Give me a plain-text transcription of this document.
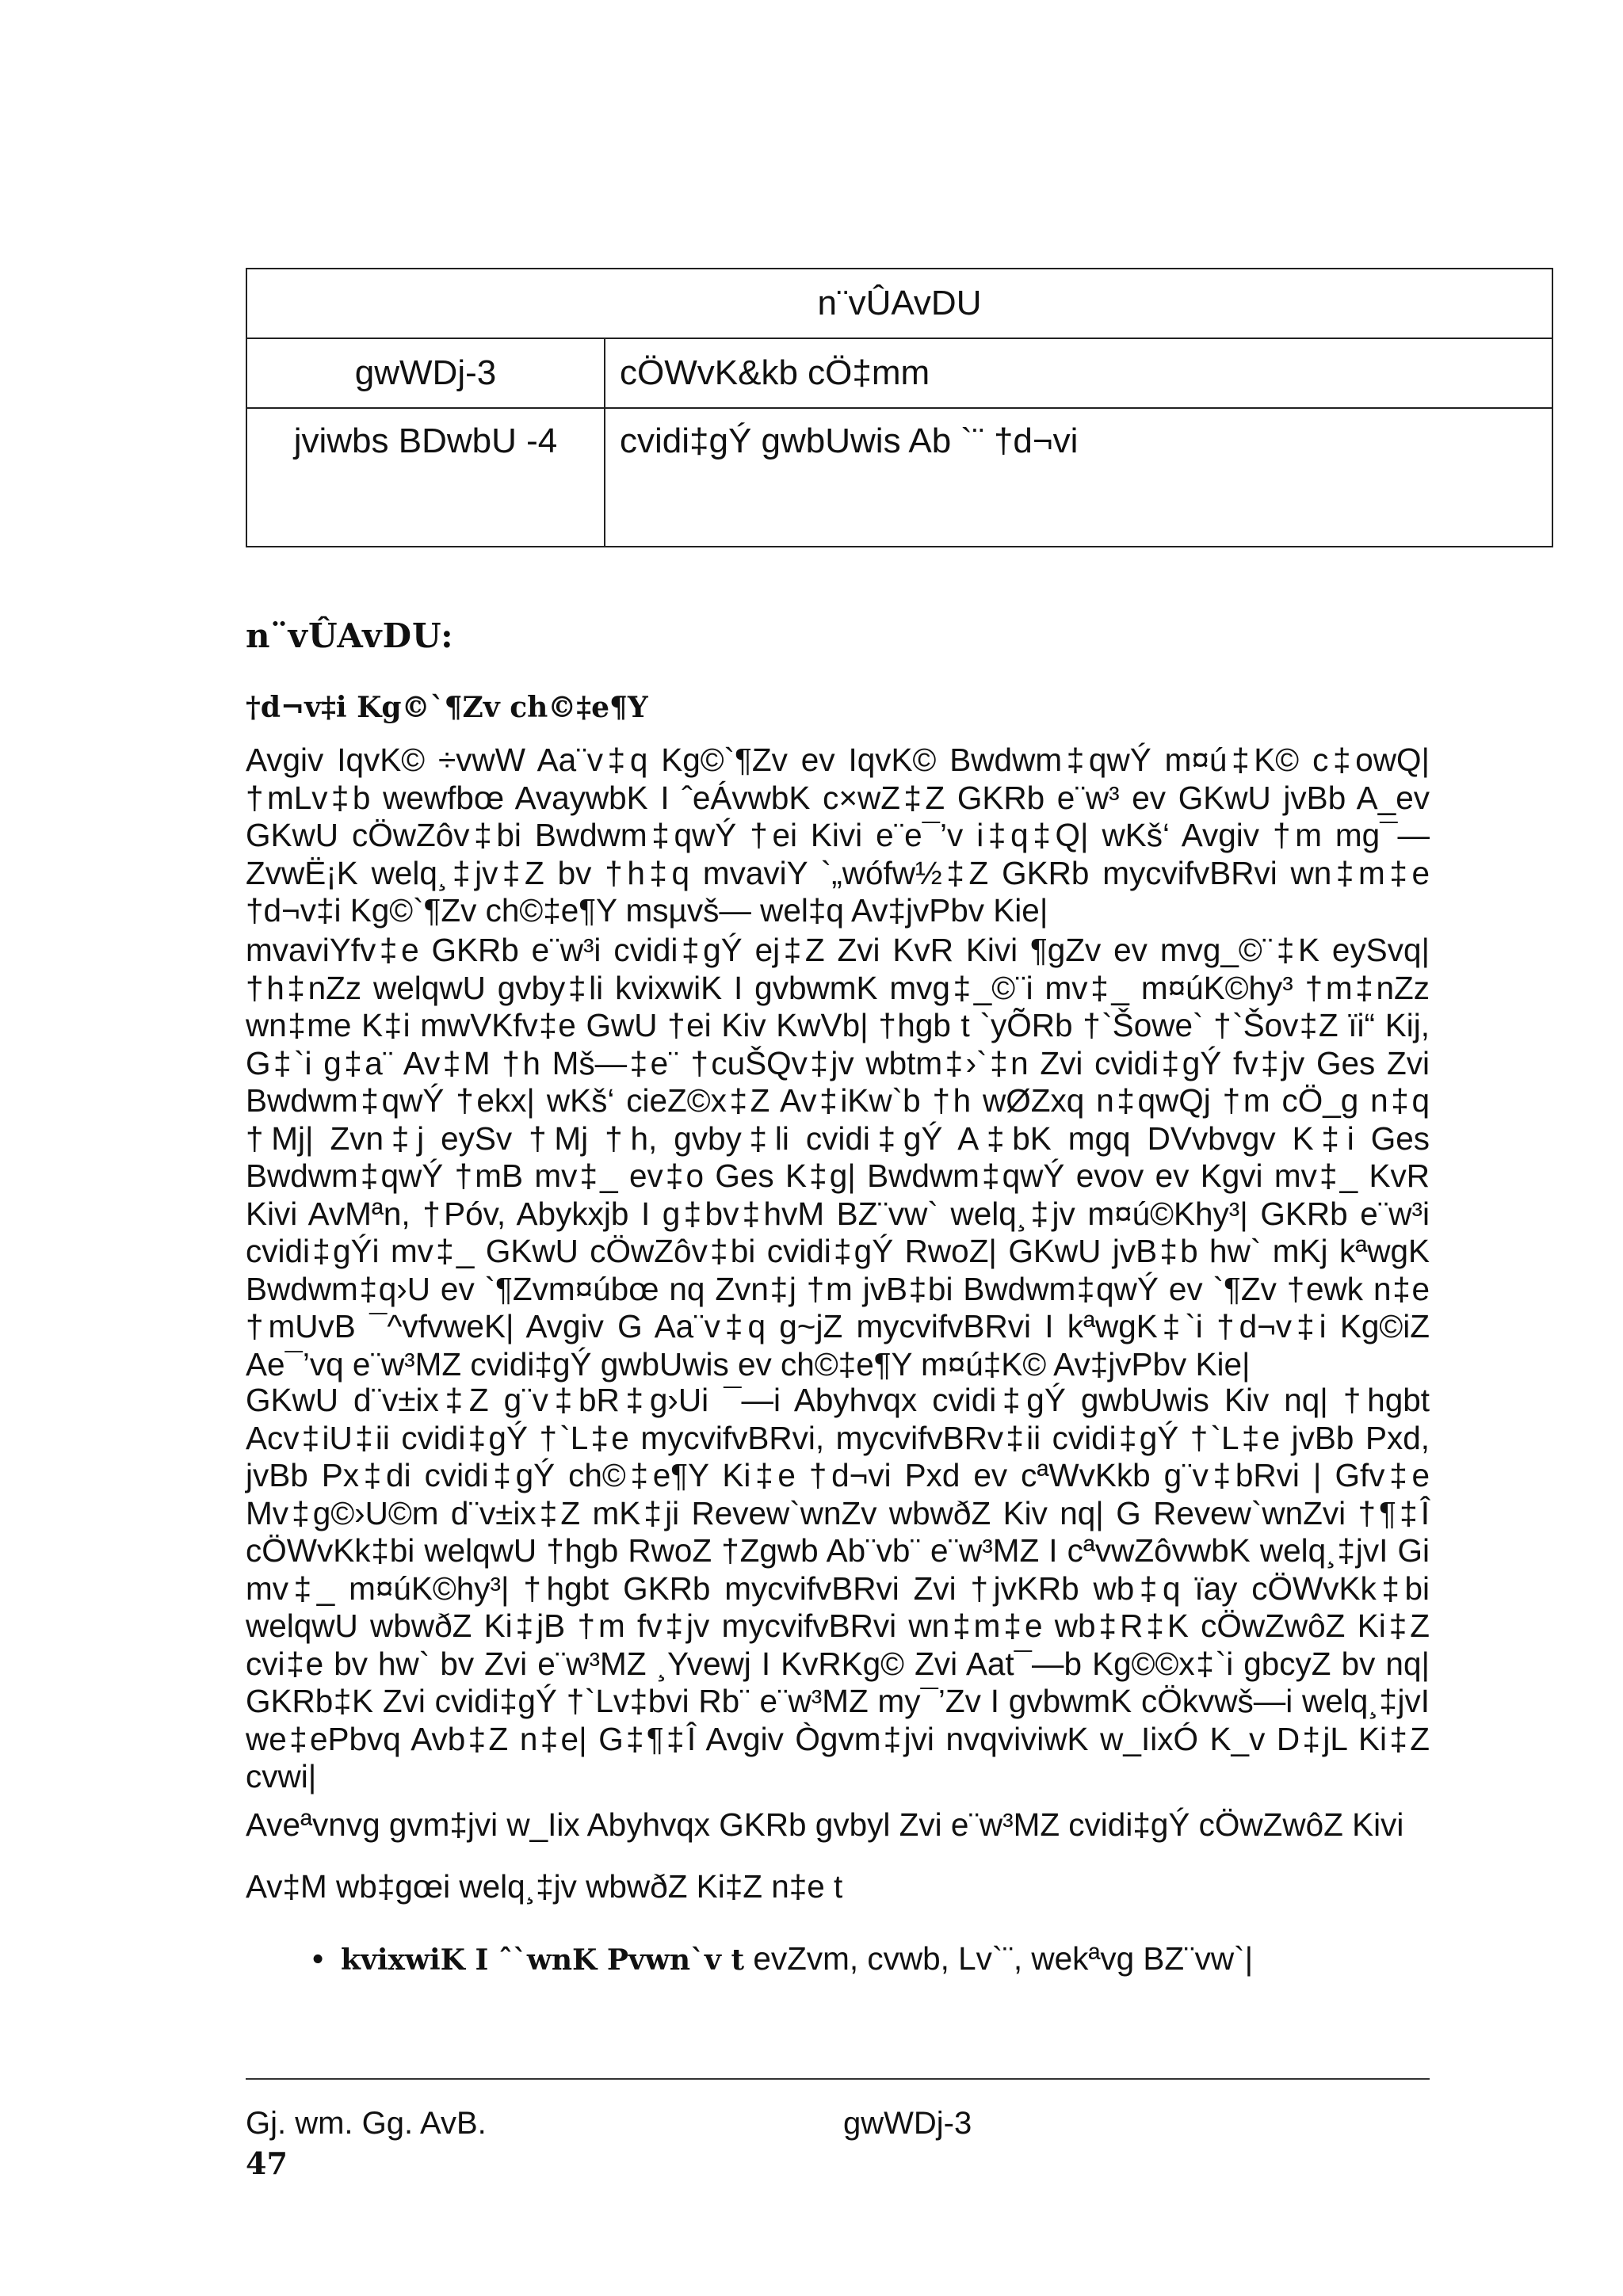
n¨vÛAvDU	
gwWDj-3	cÖWvK&kb cÖ‡mm
jviwbs BDwbU -4	cvidi‡gÝ gwbUwis Ab `¨ †d¬vi
n¨vÛAvDU:
†d¬v‡i Kg©`¶Zv ch©‡e¶Y
Avgiv IqvK© ÷vwW Aa¨v‡q Kg©`¶Zv ev IqvK© Bwdwm‡qwÝ m¤ú‡K© c‡owQ| †mLv‡b wewfbœ AvaywbK I ˆeÁvwbK c×wZ‡Z GKRb e¨w³ ev GKwU jvBb A_ev GKwU cÖwZôv‡bi Bwdwm‡qwÝ †ei Kivi e¨e¯’v i‡q‡Q| wKš‘ Avgiv †m mg¯— ZvwË¡K welq¸‡jv‡Z bv †h‡q mvaviY `„wófw½‡Z GKRb mycvifvBRvi wn‡m‡e †d¬v‡i Kg©`¶Zv ch©‡e¶Y msµvš— wel‡q Av‡jvPbv Kie|
mvaviYfv‡e GKRb e¨w³i cvidi‡gÝ ej‡Z Zvi KvR Kivi ¶gZv ev mvg_©¨‡K eySvq| †h‡nZz welqwU gvby‡li kvixwiK I gvbwmK mvg‡_©¨i mv‡_ m¤úK©hy³ †m‡nZz wn‡me K‡i mwVKfv‡e GwU †ei Kiv KwVb| †hgb t `yÕRb †`Šowe` †`Šov‡Z ïi“ Kij, G‡`i g‡a¨ Av‡M †h Mš—‡e¨ †cuŠQv‡jv wbtm‡›`‡n Zvi cvidi‡gÝ fv‡jv Ges Zvi Bwdwm‡qwÝ †ekx| wKš‘ cieZ©x‡Z Av‡iKw`b †h wØZxq n‡qwQj †m cÖ_g n‡q †Mj| Zvn‡j eySv †Mj †h, gvby‡li cvidi‡gÝ A‡bK mgq DVvbvgv K‡i Ges Bwdwm‡qwÝ †mB mv‡_ ev‡o Ges K‡g| Bwdwm‡qwÝ evov ev Kgvi mv‡_ KvR Kivi AvMªn, †Póv, Abykxjb I g‡bv‡hvM BZ¨vw` welq¸‡jv m¤ú©Khy³| GKRb e¨w³i cvidi‡gÝi mv‡_ GKwU cÖwZôv‡bi cvidi‡gÝ RwoZ| GKwU jvB‡b hw` mKj kªwgK Bwdwm‡q›U ev `¶Zvm¤úbœ nq Zvn‡j †m jvB‡bi Bwdwm‡qwÝ ev `¶Zv †ewk n‡e †mUvB ¯^vfvweK| Avgiv G Aa¨v‡q g~jZ mycvifvBRvi I kªwgK‡`i †d¬v‡i Kg©iZ Ae¯’vq e¨w³MZ cvidi‡gÝ gwbUwis ev ch©‡e¶Y m¤ú‡K© Av‡jvPbv Kie|
GKwU d¨v±ix‡Z g¨v‡bR‡g›Ui ¯—i Abyhvqx cvidi‡gÝ gwbUwis Kiv nq| †hgbt Acv‡iU‡ii cvidi‡gÝ †`L‡e mycvifvBRvi, mycvifvBRv‡ii cvidi‡gÝ †`L‡e jvBb Pxd, jvBb Px‡di cvidi‡gÝ ch©‡e¶Y Ki‡e †d¬vi Pxd ev cªWvKkb g¨v‡bRvi | Gfv‡e Mv‡g©›U©m d¨v±ix‡Z mK‡ji Revew`wnZv wbwðZ Kiv nq| G Revew`wnZvi †¶‡Î cÖWvKk‡bi welqwU †hgb RwoZ †Zgwb Ab¨vb¨ e¨w³MZ I cªvwZôvwbK welq¸‡jvI Gi mv‡_ m¤úK©hy³| †hgbt GKRb mycvifvBRvi Zvi †jvKRb wb‡q ïay cÖWvKk‡bi welqwU wbwðZ Ki‡jB †m fv‡jv mycvifvBRvi wn‡m‡e wb‡R‡K cÖwZwôZ Ki‡Z cvi‡e bv hw` bv Zvi e¨w³MZ ¸Yvewj I KvRKg© Zvi Aat¯—b Kg©©x‡`i gbcyZ bv nq| GKRb‡K Zvi cvidi‡gÝ †`Lv‡bvi Rb¨ e¨w³MZ my¯’Zv I gvbwmK cÖkvwš—i welq¸‡jvI we‡ePbvq Avb‡Z n‡e| G‡¶‡Î Avgiv Ògvm‡jvi nvqviviwK w_IixÓ K_v D‡jL Ki‡Z cvwi|
Aveªvnvg gvm‡jvi w_Iix Abyhvqx GKRb gvbyl Zvi e¨w³MZ cvidi‡gÝ cÖwZwôZ Kivi
Av‡M wb‡gœi welq¸‡jv wbwðZ Ki‡Z n‡e t
• kvixwiK I ˆ`wnK Pvwn`v t evZvm, cvwb, Lv`¨, wekªvg BZ¨vw`|
Gj. wm. Gg. AvB.	gwWDj-3
47
